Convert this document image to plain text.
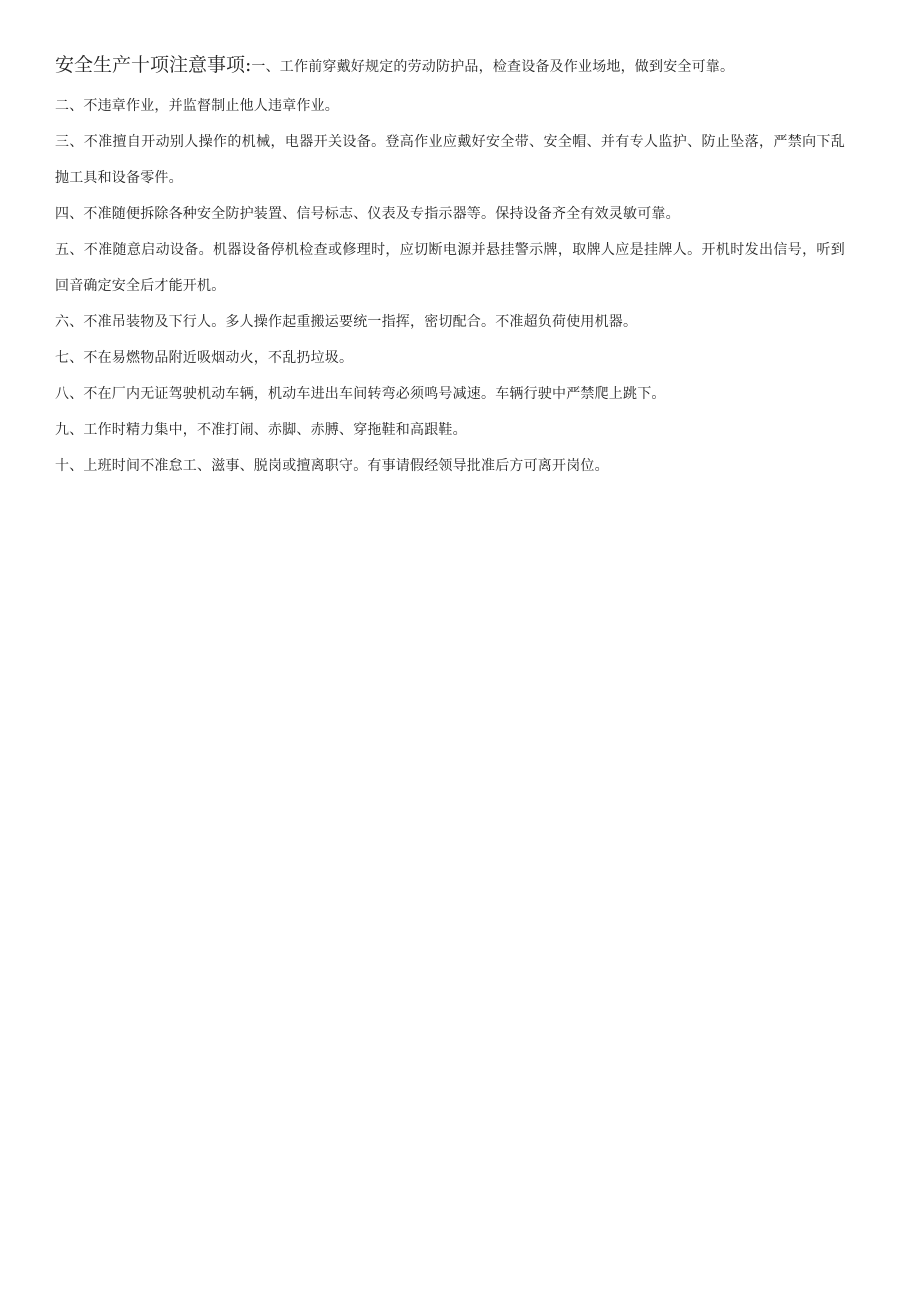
安全生产十项注意事项:一、工作前穿戴好规定的劳动防护品，检查设备及作业场地，做到安全可靠。

二、不违章作业，并监督制止他人违章作业。

三、不准擅自开动别人操作的机械，电器开关设备。登高作业应戴好安全带、安全帽、并有专人监护、防止坠落，严禁向下乱抛工具和设备零件。

四、不准随便拆除各种安全防护装置、信号标志、仪表及专指示器等。保持设备齐全有效灵敏可靠。

五、不准随意启动设备。机器设备停机检查或修理时，应切断电源并悬挂警示牌，取牌人应是挂牌人。开机时发出信号，听到回音确定安全后才能开机。

六、不准吊装物及下行人。多人操作起重搬运要统一指挥，密切配合。不准超负荷使用机器。

七、不在易燃物品附近吸烟动火，不乱扔垃圾。

八、不在厂内无证驾驶机动车辆，机动车进出车间转弯必须鸣号减速。车辆行驶中严禁爬上跳下。

九、工作时精力集中，不准打闹、赤脚、赤膊、穿拖鞋和高跟鞋。

十、上班时间不准怠工、滋事、脱岗或擅离职守。有事请假经领导批准后方可离开岗位。
